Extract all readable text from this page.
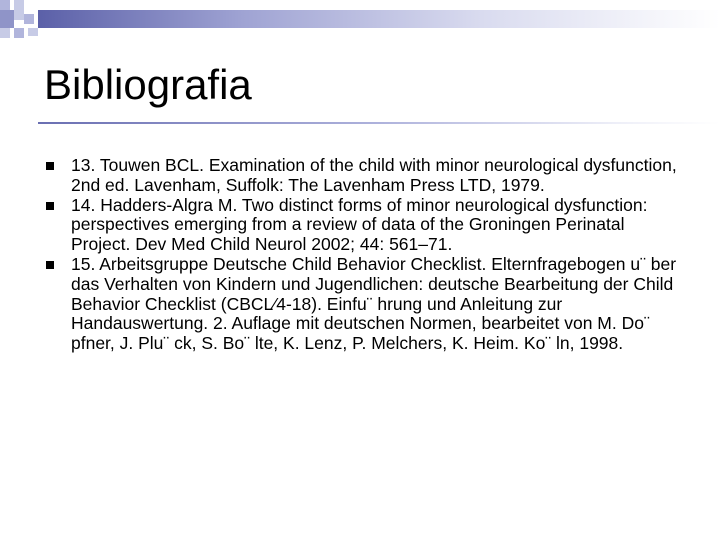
Bibliografia
13. Touwen BCL. Examination of the child with minor neurological dysfunction, 2nd ed. Lavenham, Suffolk: The Lavenham Press LTD, 1979.
14. Hadders-Algra M. Two distinct forms of minor neurological dysfunction: perspectives emerging from a review of data of the Groningen Perinatal Project. Dev Med Child Neurol 2002; 44: 561–71.
15. Arbeitsgruppe Deutsche Child Behavior Checklist. Elternfragebogen u¨ ber das Verhalten von Kindern und Jugendlichen: deutsche Bearbeitung der Child Behavior Checklist (CBCL⁄4-18). Einfu¨ hrung und Anleitung zur Handauswertung. 2. Auflage mit deutschen Normen, bearbeitet von M. Do¨ pfner, J. Plu¨ ck, S. Bo¨ lte, K. Lenz, P. Melchers, K. Heim. Ko¨ ln, 1998.
